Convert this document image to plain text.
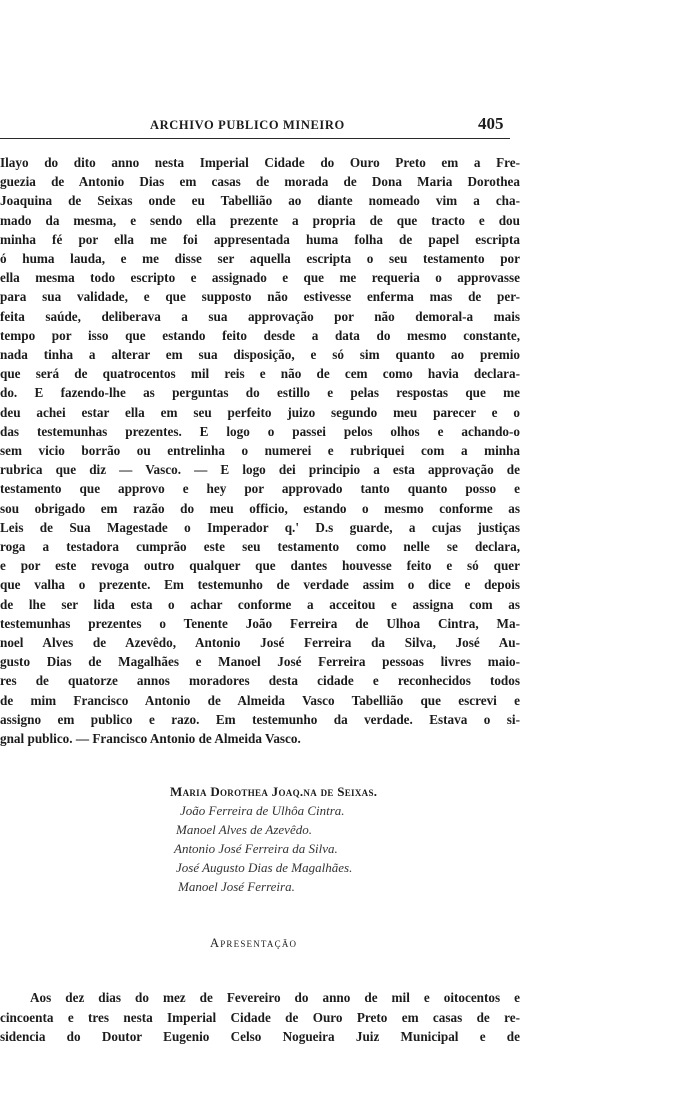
ARCHIVO PUBLICO MINEIRO	405
Ilayo do dito anno nesta Imperial Cidade do Ouro Preto em a Fre-
guezia de Antonio Dias em casas de morada de Dona Maria Dorothea
Joaquina de Seixas onde eu Tabellião ao diante nomeado vim a cha-
mado da mesma, e sendo ella prezente a propria de que tracto e dou
minha fé por ella me foi appresentada huma folha de papel escripta
ó huma lauda, e me disse ser aquella escripta o seu testamento por
ella mesma todo escripto e assignado e que me requeria o approvasse
para sua validade, e que supposto não estivesse enferma mas de per-
feita saúde, deliberava a sua approvação por não demoral-a mais
tempo por isso que estando feito desde a data do mesmo constante,
nada tinha a alterar em sua disposição, e só sim quanto ao premio
que será de quatrocentos mil reis e não de cem como havia declara-
do. E fazendo-lhe as perguntas do estillo e pelas respostas que me
deu achei estar ella em seu perfeito juizo segundo meu parecer e o
das testemunhas prezentes. E logo o passei pelos olhos e achando-o
sem vicio borrão ou entrelinha o numerei e rubriquei com a minha
rubrica que diz — Vasco. — E logo dei principio a esta approvação de
testamento que approvo e hey por approvado tanto quanto posso e
sou obrigado em razão do meu officio, estando o mesmo conforme as
Leis de Sua Magestade o Imperador q.' D.s guarde, a cujas justiças
roga a testadora cumprão este seu testamento como nelle se declara,
e por este revoga outro qualquer que dantes houvesse feito e só quer
que valha o prezente. Em testemunho de verdade assim o dice e depois
de lhe ser lida esta o achar conforme a acceitou e assigna com as
testemunhas prezentes o Tenente João Ferreira de Ulhoa Cintra, Ma-
noel Alves de Azevêdo, Antonio José Ferreira da Silva, José Au-
gusto Dias de Magalhães e Manoel José Ferreira pessoas livres maio-
res de quatorze annos moradores desta cidade e reconhecidos todos
de mim Francisco Antonio de Almeida Vasco Tabellião que escrevi e
assigno em publico e razo. Em testemunho da verdade. Estava o si-
gnal publico. — Francisco Antonio de Almeida Vasco.
Maria Dorothea Joaq.na de Seixas.
João Ferreira de Ulhôa Cintra.
Manoel Alves de Azevêdo.
Antonio José Ferreira da Silva.
José Augusto Dias de Magalhães.
Manoel José Ferreira.
Apresentação
Aos dez dias do mez de Fevereiro do anno de mil e oitocentos e
cincoenta e tres nesta Imperial Cidade de Ouro Preto em casas de re-
sidencia do Doutor Eugenio Celso Nogueira Juiz Municipal e de
